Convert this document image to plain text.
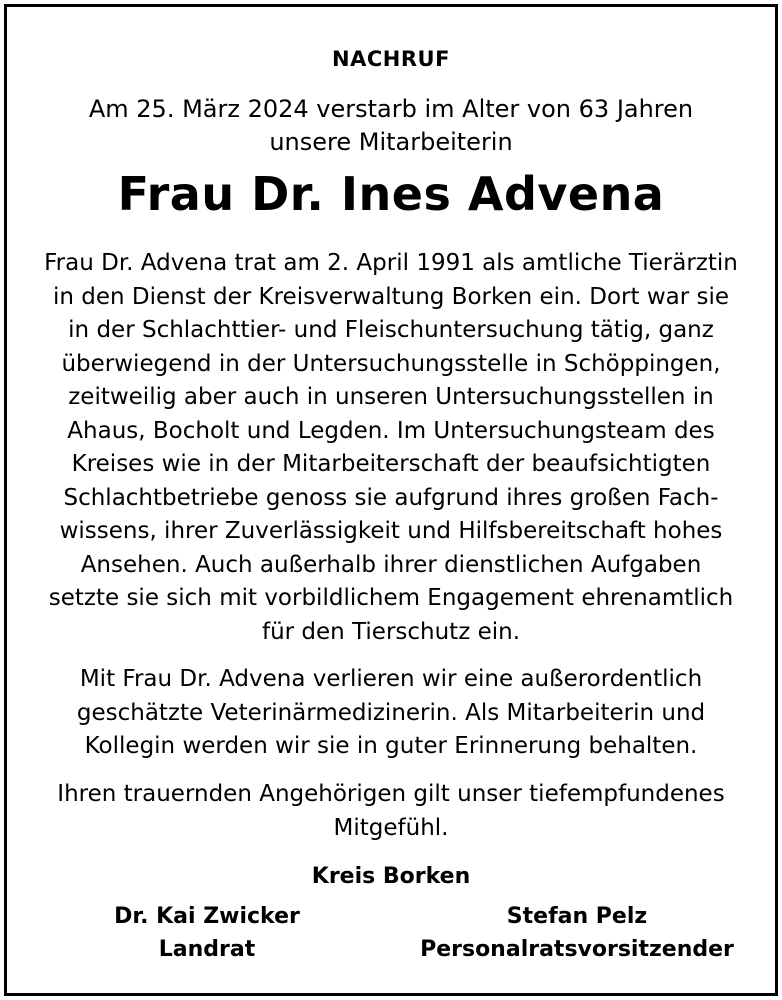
NACHRUF
Am 25. März 2024 verstarb im Alter von 63 Jahren
unsere Mitarbeiterin
Frau Dr. Ines Advena
Frau Dr. Advena trat am 2. April 1991 als amtliche Tierärztin
in den Dienst der Kreisverwaltung Borken ein. Dort war sie
in der Schlachttier- und Fleischuntersuchung tätig, ganz
überwiegend in der Untersuchungsstelle in Schöppingen,
zeitweilig aber auch in unseren Untersuchungsstellen in
Ahaus, Bocholt und Legden. Im Untersuchungsteam des
Kreises wie in der Mitarbeiterschaft der beaufsichtigten
Schlachtbetriebe genoss sie aufgrund ihres großen Fach-
wissens, ihrer Zuverlässigkeit und Hilfsbereitschaft hohes
Ansehen. Auch außerhalb ihrer dienstlichen Aufgaben
setzte sie sich mit vorbildlichem Engagement ehrenamtlich
für den Tierschutz ein.
Mit Frau Dr. Advena verlieren wir eine außerordentlich
geschätzte Veterinärmedizinerin. Als Mitarbeiterin und
Kollegin werden wir sie in guter Erinnerung behalten.
Ihren trauernden Angehörigen gilt unser tiefempfundenes
Mitgefühl.
Kreis Borken
Dr. Kai Zwicker
Landrat
Stefan Pelz
Personalratsvorsitzender
